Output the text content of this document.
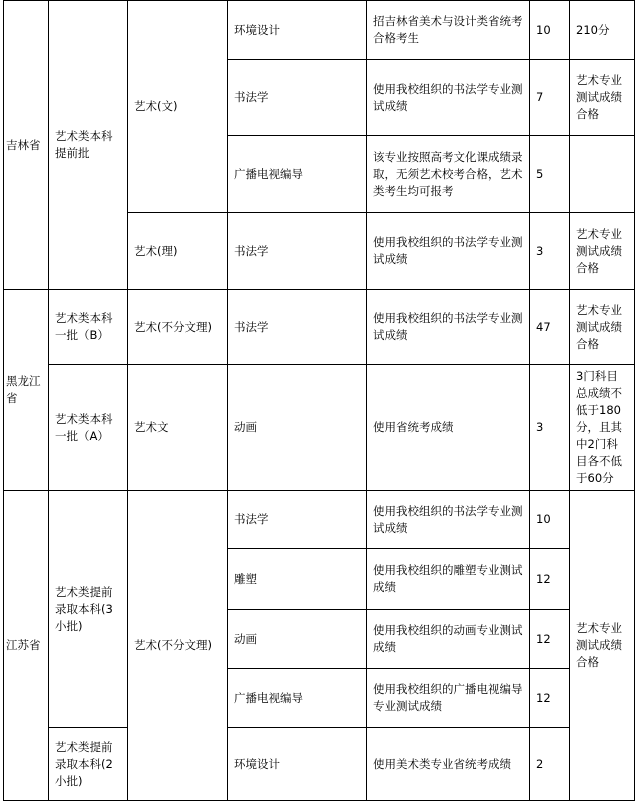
吉林省	艺术类本科提前批	艺术(文)	环境设计	招吉林省美术与设计类省统考合格考生	10	210分
			书法学	使用我校组织的书法学专业测试成绩	7	艺术专业测试成绩合格
			广播电视编导	该专业按照高考文化课成绩录取，无须艺术校考合格，艺术类考生均可报考	5	
		艺术(理)	书法学	使用我校组织的书法学专业测试成绩	3	艺术专业测试成绩合格
黑龙江省	艺术类本科一批（B）	艺术(不分文理)	书法学	使用我校组织的书法学专业测试成绩	47	艺术专业测试成绩合格
	艺术类本科一批（A）	艺术文	动画	使用省统考成绩	3	3门科目总成绩不低于180分，且其中2门科目各不低于60分
江苏省	艺术类提前录取本科(3小批)	艺术(不分文理)	书法学	使用我校组织的书法学专业测试成绩	10	艺术专业测试成绩合格
			雕塑	使用我校组织的雕塑专业测试成绩	12	
			动画	使用我校组织的动画专业测试成绩	12	
			广播电视编导	使用我校组织的广播电视编导专业测试成绩	12	
	艺术类提前录取本科(2小批)		环境设计	使用美术类专业省统考成绩	2	
